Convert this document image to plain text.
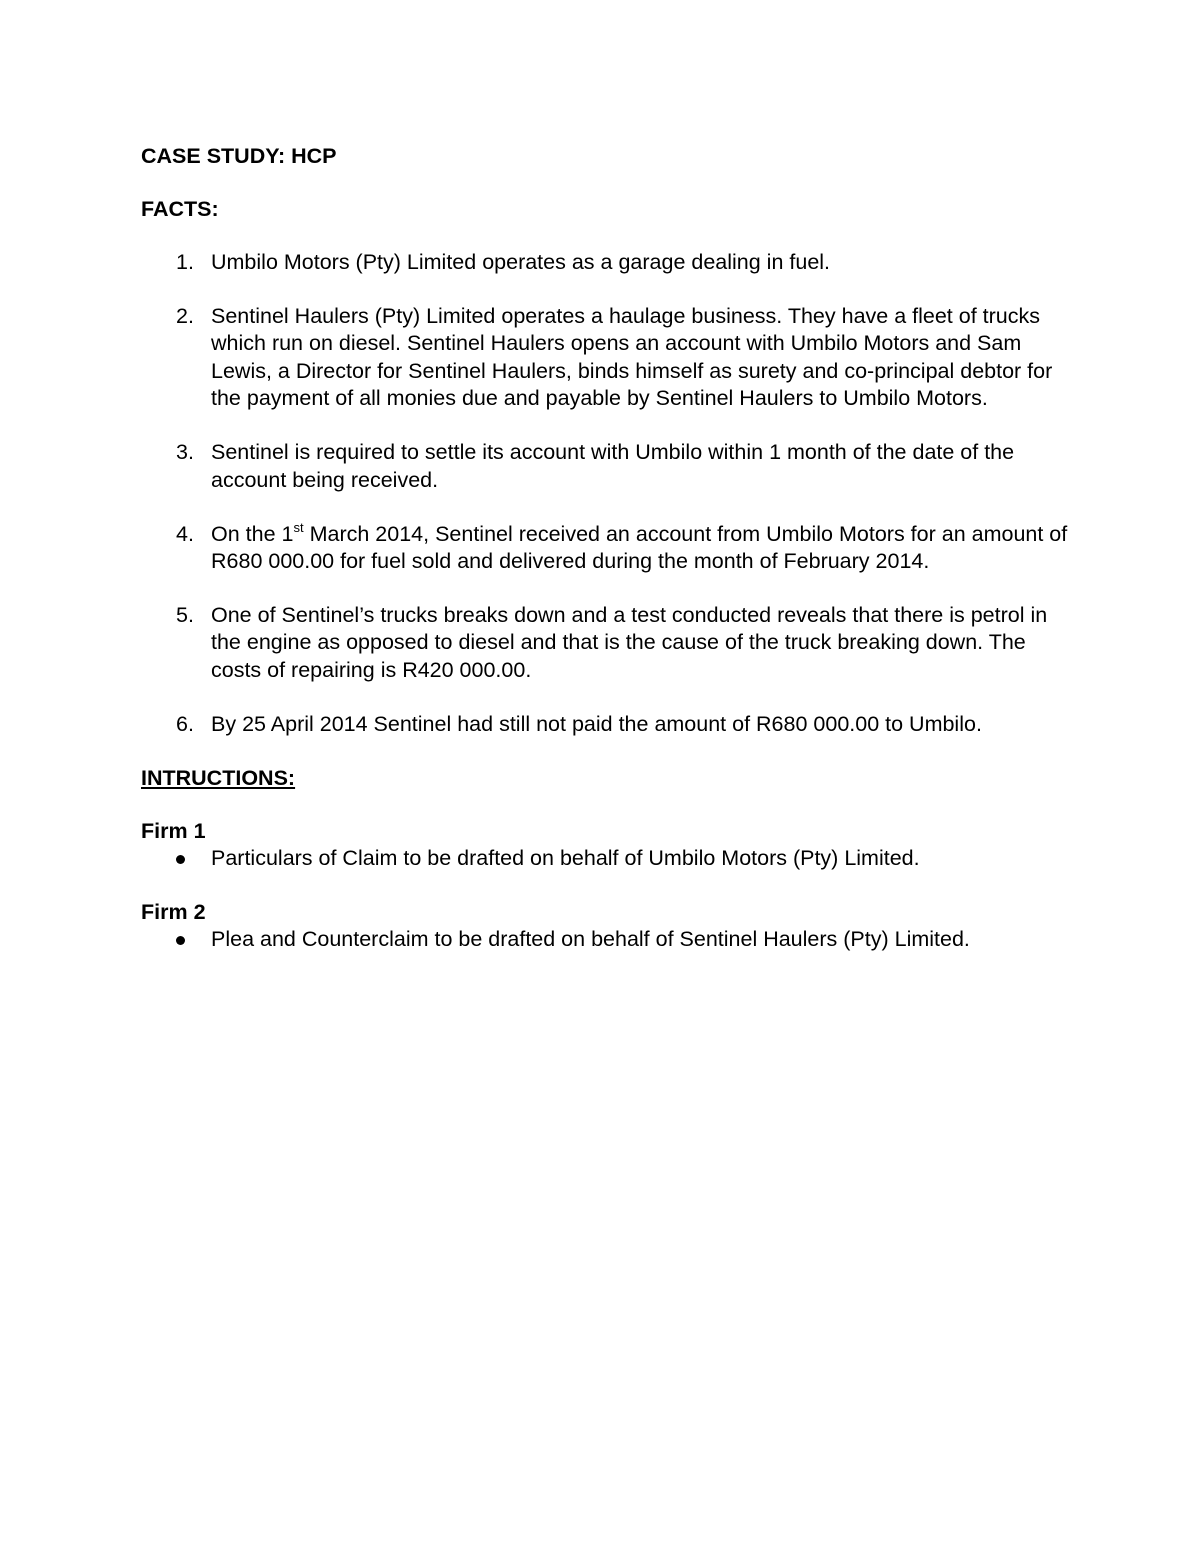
CASE STUDY: HCP
FACTS:
1. Umbilo Motors (Pty) Limited operates as a garage dealing in fuel.
2. Sentinel Haulers (Pty) Limited operates a haulage business. They have a fleet of trucks which run on diesel. Sentinel Haulers opens an account with Umbilo Motors and Sam Lewis, a Director for Sentinel Haulers, binds himself as surety and co-principal debtor for the payment of all monies due and payable by Sentinel Haulers to Umbilo Motors.
3. Sentinel is required to settle its account with Umbilo within 1 month of the date of the account being received.
4. On the 1st March 2014, Sentinel received an account from Umbilo Motors for an amount of R680 000.00 for fuel sold and delivered during the month of February 2014.
5. One of Sentinel’s trucks breaks down and a test conducted reveals that there is petrol in the engine as opposed to diesel and that is the cause of the truck breaking down. The costs of repairing is R420 000.00.
6. By 25 April 2014 Sentinel had still not paid the amount of R680 000.00 to Umbilo.
INTRUCTIONS:
Firm 1
Particulars of Claim to be drafted on behalf of Umbilo Motors (Pty) Limited.
Firm 2
Plea and Counterclaim to be drafted on behalf of Sentinel Haulers (Pty) Limited.
